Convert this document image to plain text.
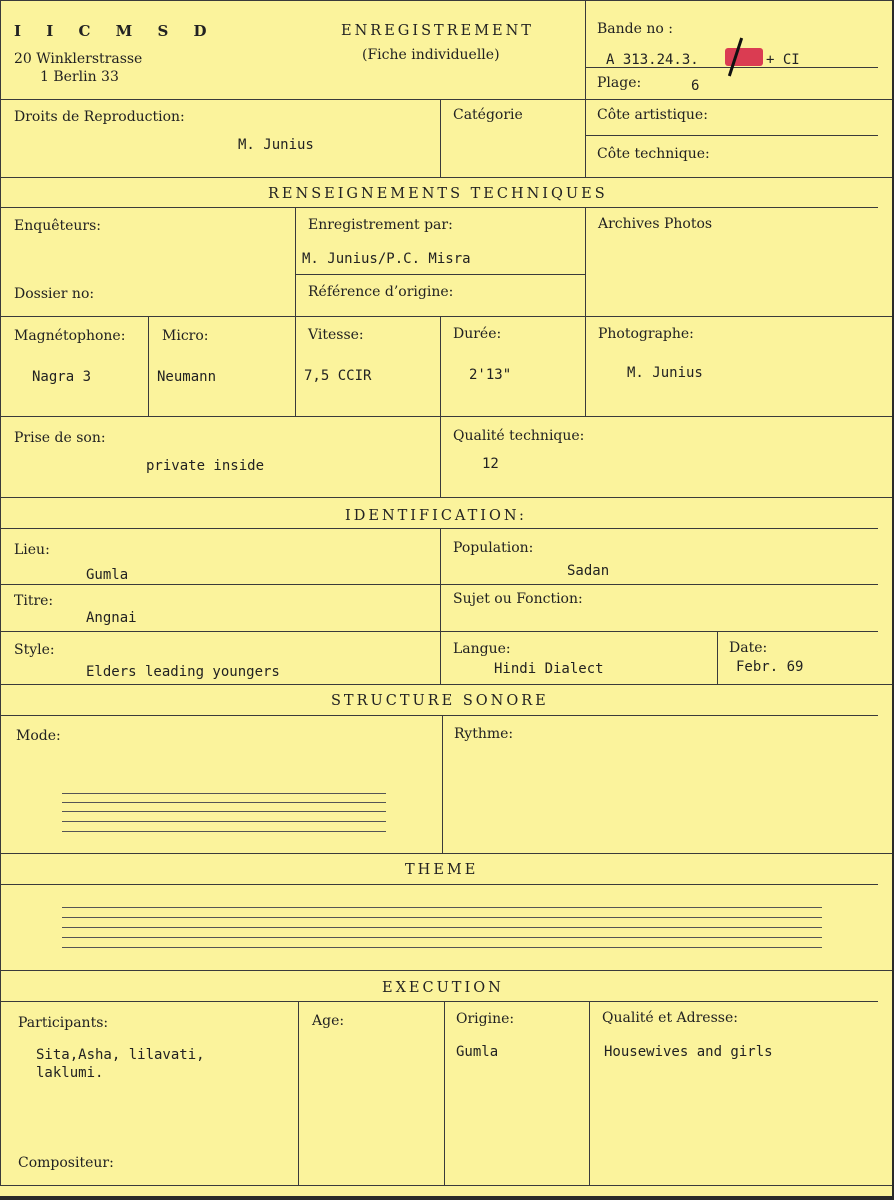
I I C M S D
20 Winklerstrasse
1 Berlin 33
ENREGISTREMENT
(Fiche individuelle)
Bande no :
A 313.24.3.	+ CI
Plage:	6
Droits de Reproduction:
M. Junius
Catégorie	Côte artistique:
Côte technique:
RENSEIGNEMENTS TECHNIQUES
Enquêteurs:
Dossier no:
Enregistrement par:
M. Junius/P.C. Misra
Référence d’origine:
Archives Photos
Magnétophone:
Nagra 3
Micro:
Neumann
Vitesse:
7,5 CCIR
Durée:
2'13"
Photographe:
M. Junius
Prise de son:
private inside
Qualité technique:
12
IDENTIFICATION:
Lieu:
Gumla
Population:
Sadan
Titre:
Angnai
Sujet ou Fonction:
Style:
Elders leading youngers
Langue:
Hindi Dialect
Date:
Febr. 69
STRUCTURE SONORE
Mode:	Rythme:
THEME
EXECUTION
Participants:
Sita,Asha, lilavati,
laklumi.
Age:	Origine:
Gumla
Qualité et Adresse:
Housewives and girls
Compositeur:
